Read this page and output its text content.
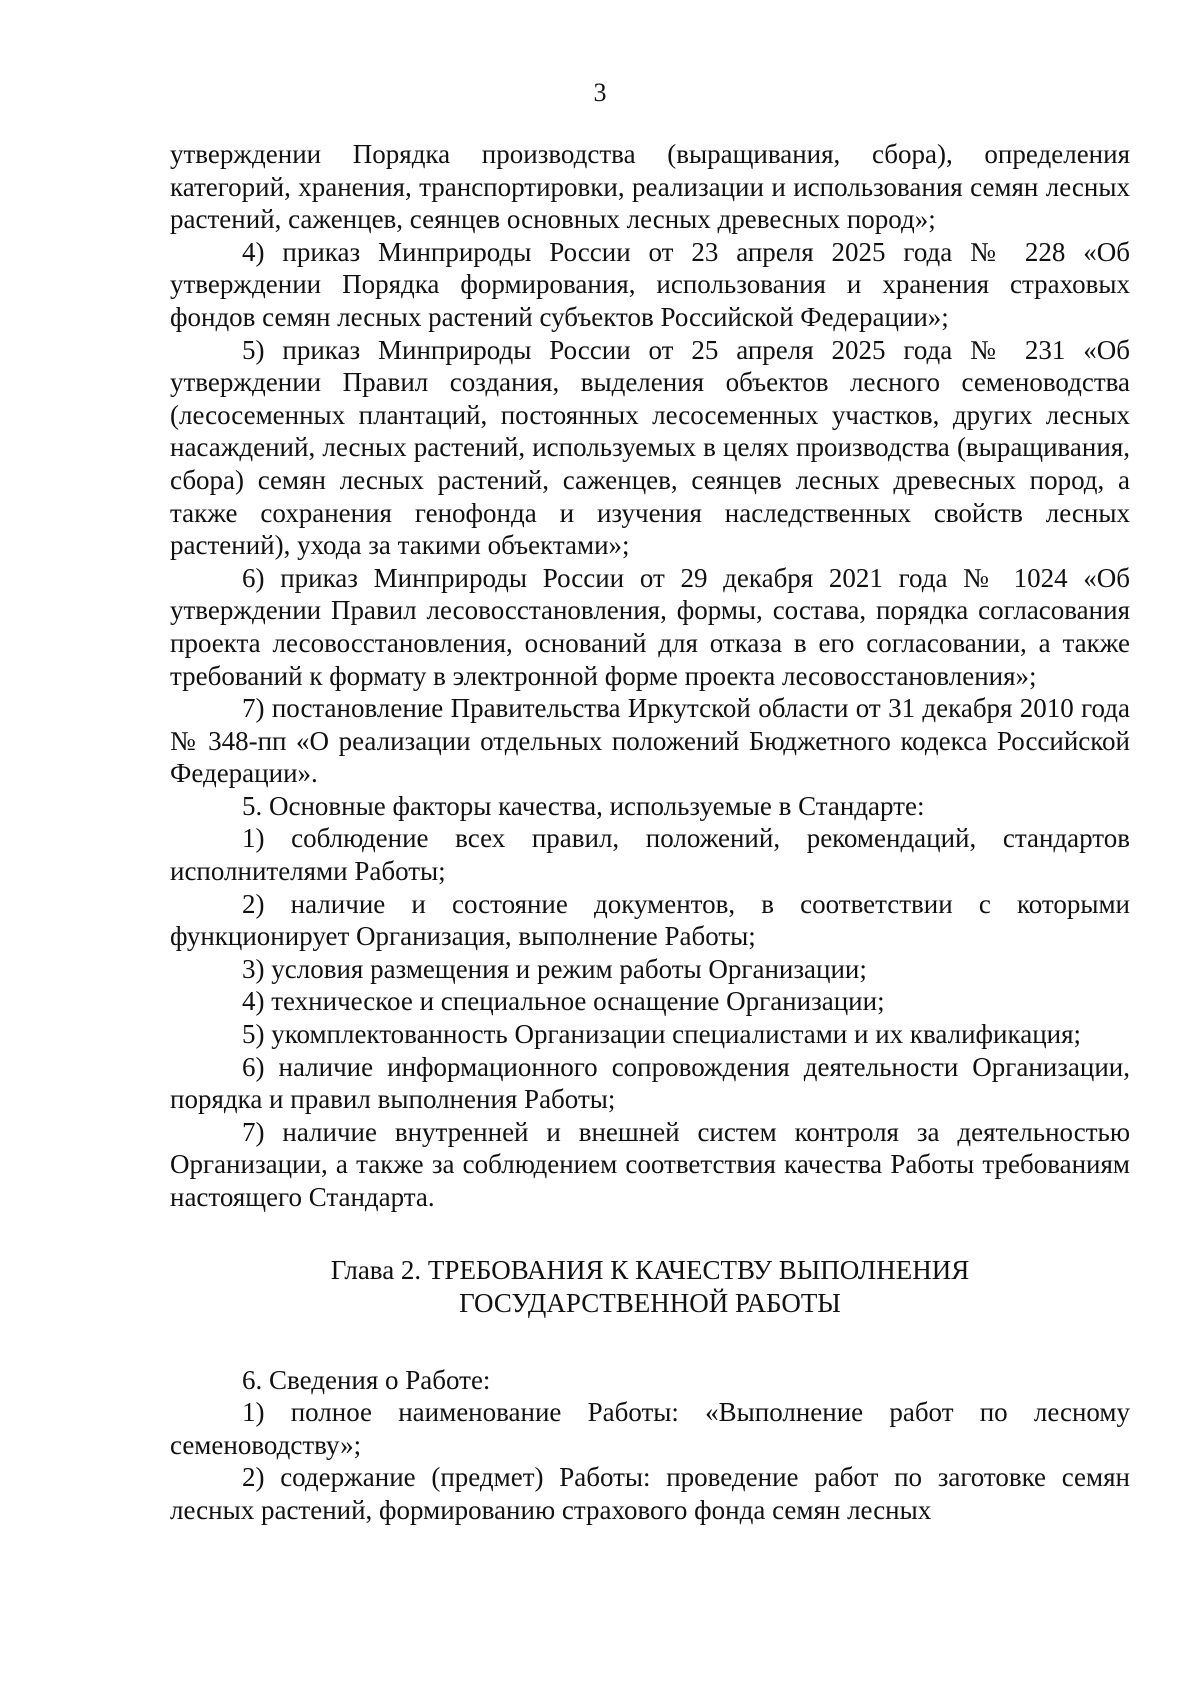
3

утверждении Порядка производства (выращивания, сбора), определения категорий, хранения, транспортировки, реализации и использования семян лесных растений, саженцев, сеянцев основных лесных древесных пород»;

4) приказ Минприроды России от 23 апреля 2025 года № 228 «Об утверждении Порядка формирования, использования и хранения страховых фондов семян лесных растений субъектов Российской Федерации»;

5) приказ Минприроды России от 25 апреля 2025 года № 231 «Об утверждении Правил создания, выделения объектов лесного семеноводства (лесосеменных плантаций, постоянных лесосеменных участков, других лесных насаждений, лесных растений, используемых в целях производства (выращивания, сбора) семян лесных растений, саженцев, сеянцев лесных древесных пород, а также сохранения генофонда и изучения наследственных свойств лесных растений), ухода за такими объектами»;

6) приказ Минприроды России от 29 декабря 2021 года № 1024 «Об утверждении Правил лесовосстановления, формы, состава, порядка согласования проекта лесовосстановления, оснований для отказа в его согласовании, а также требований к формату в электронной форме проекта лесовосстановления»;

7) постановление Правительства Иркутской области от 31 декабря 2010 года № 348-пп «О реализации отдельных положений Бюджетного кодекса Российской Федерации».

5. Основные факторы качества, используемые в Стандарте:

1) соблюдение всех правил, положений, рекомендаций, стандартов исполнителями Работы;

2) наличие и состояние документов, в соответствии с которыми функционирует Организация, выполнение Работы;

3) условия размещения и режим работы Организации;

4) техническое и специальное оснащение Организации;

5) укомплектованность Организации специалистами и их квалификация;

6) наличие информационного сопровождения деятельности Организации, порядка и правил выполнения Работы;

7) наличие внутренней и внешней систем контроля за деятельностью Организации, а также за соблюдением соответствия качества Работы требованиям настоящего Стандарта.

Глава 2. ТРЕБОВАНИЯ К КАЧЕСТВУ ВЫПОЛНЕНИЯ
ГОСУДАРСТВЕННОЙ РАБОТЫ

6. Сведения о Работе:

1) полное наименование Работы: «Выполнение работ по лесному семеноводству»;

2) содержание (предмет) Работы: проведение работ по заготовке семян лесных растений, формированию страхового фонда семян лесных
